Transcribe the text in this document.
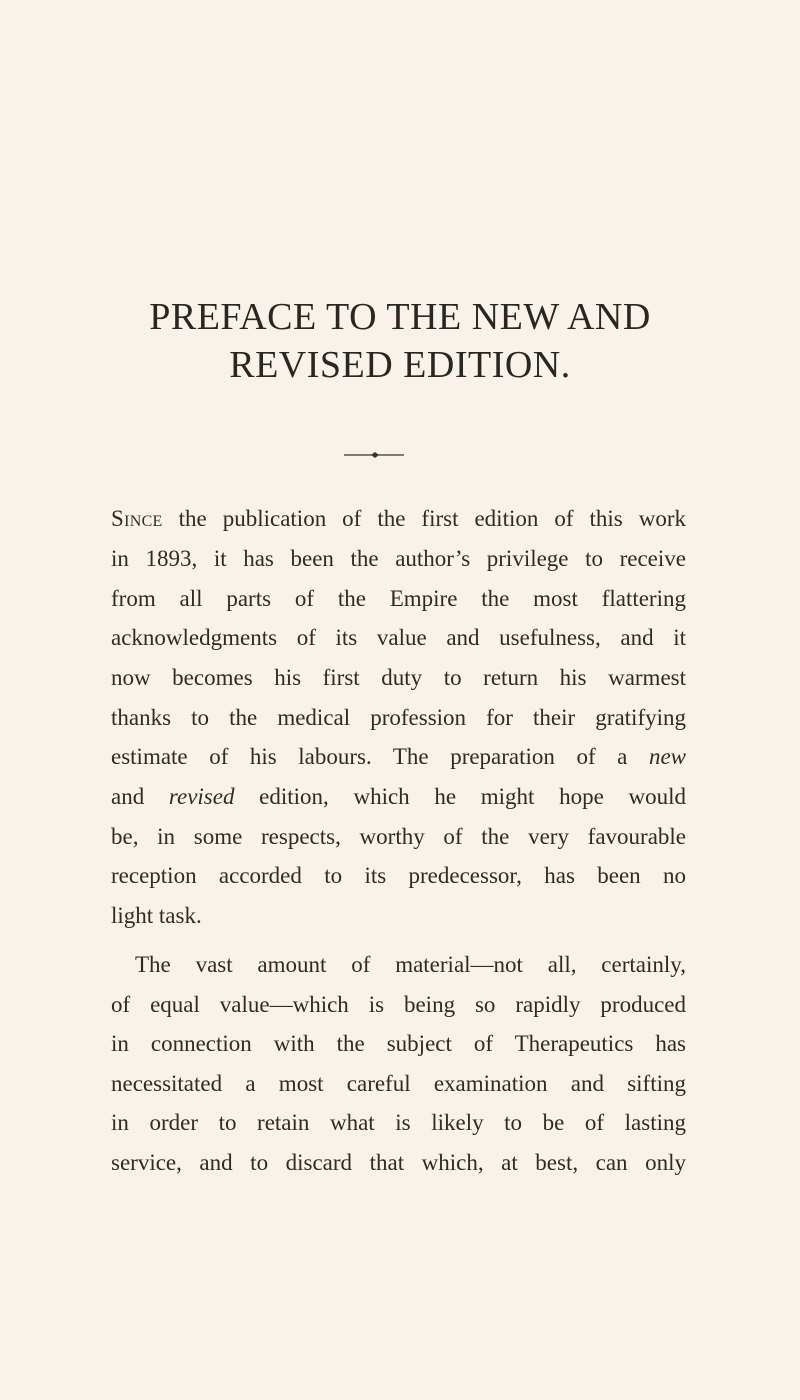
PREFACE TO THE NEW AND
REVISED EDITION.
Since the publication of the first edition of this work
in 1893, it has been the author’s privilege to receive
from all parts of the Empire the most flattering
acknowledgments of its value and usefulness, and it
now becomes his first duty to return his warmest
thanks to the medical profession for their gratifying
estimate of his labours. The preparation of a new
and revised edition, which he might hope would
be, in some respects, worthy of the very favourable
reception accorded to its predecessor, has been no
light task.
The vast amount of material—not all, certainly,
of equal value—which is being so rapidly produced
in connection with the subject of Therapeutics has
necessitated a most careful examination and sifting
in order to retain what is likely to be of lasting
service, and to discard that which, at best, can only
